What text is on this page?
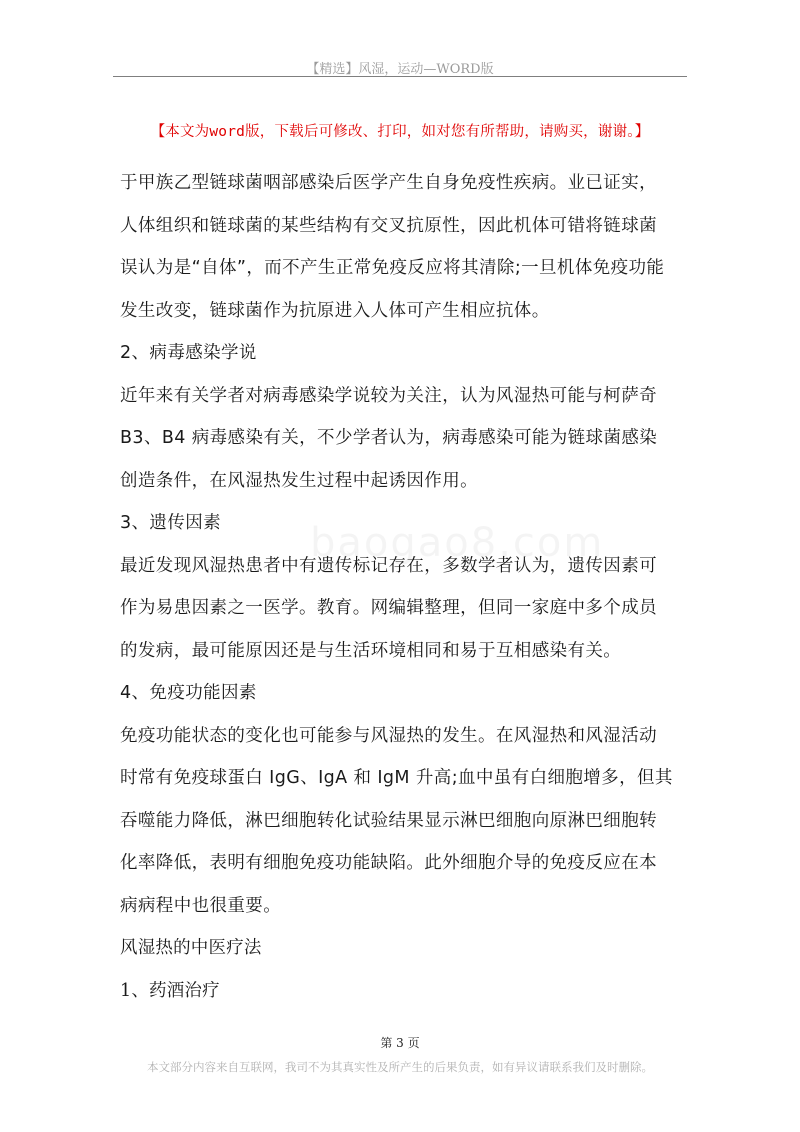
【精选】风湿，运动—WORD版
【本文为word版，下载后可修改、打印，如对您有所帮助，请购买，谢谢。】
于甲族乙型链球菌咽部感染后医学产生自身免疫性疾病。业已证实，
人体组织和链球菌的某些结构有交叉抗原性，因此机体可错将链球菌
误认为是“自体”，而不产生正常免疫反应将其清除;一旦机体免疫功能
发生改变，链球菌作为抗原进入人体可产生相应抗体。
2、病毒感染学说
近年来有关学者对病毒感染学说较为关注，认为风湿热可能与柯萨奇
B3、B4 病毒感染有关，不少学者认为，病毒感染可能为链球菌感染
创造条件，在风湿热发生过程中起诱因作用。
3、遗传因素
最近发现风湿热患者中有遗传标记存在，多数学者认为，遗传因素可
作为易患因素之一医学。教育。网编辑整理，但同一家庭中多个成员
的发病，最可能原因还是与生活环境相同和易于互相感染有关。
4、免疫功能因素
免疫功能状态的变化也可能参与风湿热的发生。在风湿热和风湿活动
时常有免疫球蛋白 IgG、IgA 和 IgM 升高;血中虽有白细胞增多，但其
吞噬能力降低，淋巴细胞转化试验结果显示淋巴细胞向原淋巴细胞转
化率降低，表明有细胞免疫功能缺陷。此外细胞介导的免疫反应在本
病病程中也很重要。
风湿热的中医疗法
1、药酒治疗
第 3 页
本文部分内容来自互联网，我司不为其真实性及所产生的后果负责，如有异议请联系我们及时删除。
